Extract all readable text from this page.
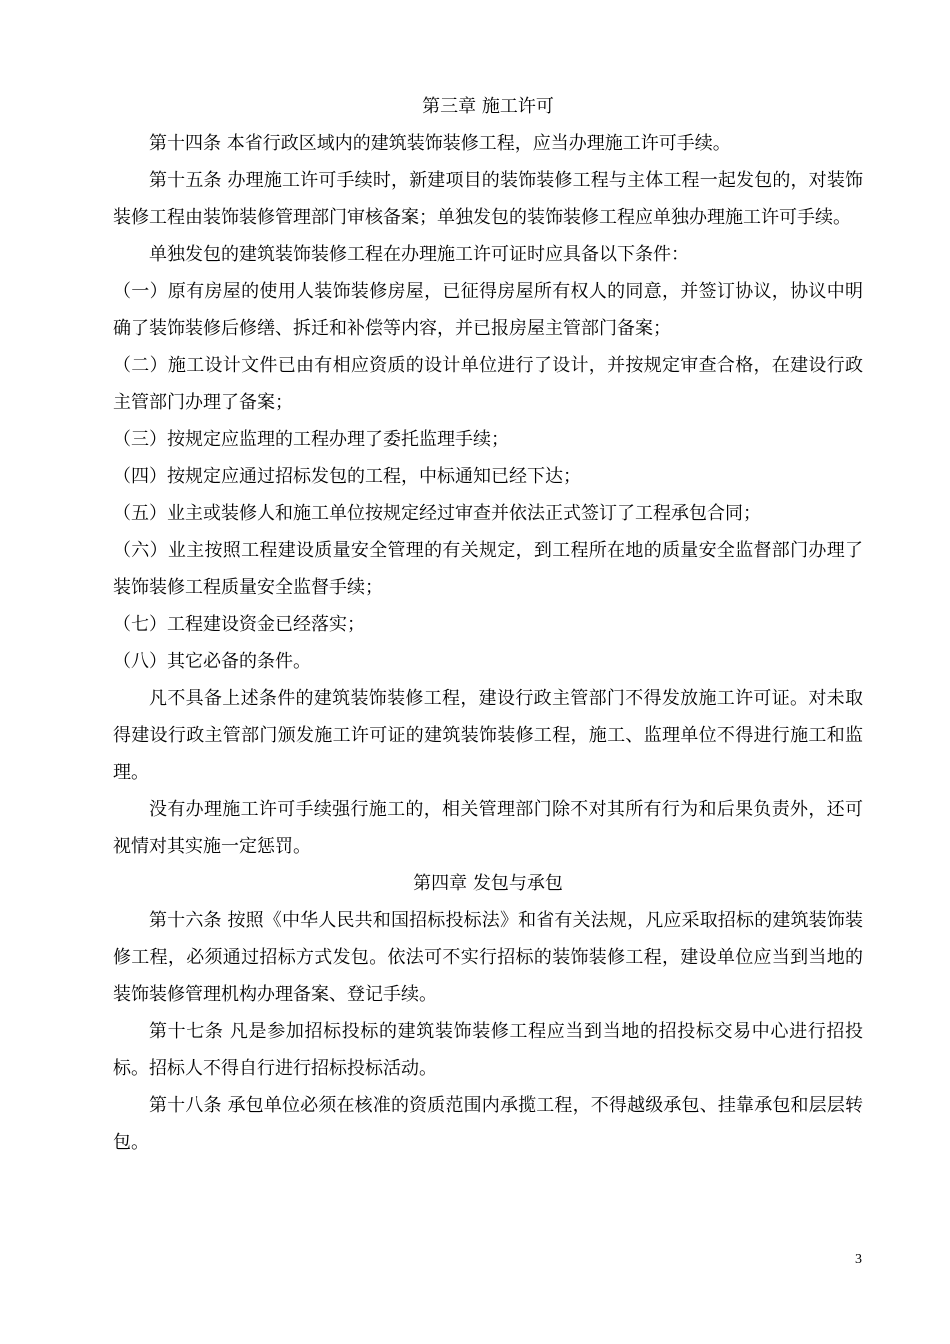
第三章 施工许可

第十四条 本省行政区域内的建筑装饰装修工程，应当办理施工许可手续。

第十五条 办理施工许可手续时，新建项目的装饰装修工程与主体工程一起发包的，对装饰装修工程由装饰装修管理部门审核备案；单独发包的装饰装修工程应单独办理施工许可手续。

单独发包的建筑装饰装修工程在办理施工许可证时应具备以下条件：

（一）原有房屋的使用人装饰装修房屋，已征得房屋所有权人的同意，并签订协议，协议中明确了装饰装修后修缮、拆迁和补偿等内容，并已报房屋主管部门备案；

（二）施工设计文件已由有相应资质的设计单位进行了设计，并按规定审查合格，在建设行政主管部门办理了备案；

（三）按规定应监理的工程办理了委托监理手续；

（四）按规定应通过招标发包的工程，中标通知已经下达；

（五）业主或装修人和施工单位按规定经过审查并依法正式签订了工程承包合同；

（六）业主按照工程建设质量安全管理的有关规定，到工程所在地的质量安全监督部门办理了装饰装修工程质量安全监督手续；

（七）工程建设资金已经落实；

（八）其它必备的条件。

凡不具备上述条件的建筑装饰装修工程，建设行政主管部门不得发放施工许可证。对未取得建设行政主管部门颁发施工许可证的建筑装饰装修工程，施工、监理单位不得进行施工和监理。

没有办理施工许可手续强行施工的，相关管理部门除不对其所有行为和后果负责外，还可视情对其实施一定惩罚。

第四章 发包与承包

第十六条 按照《中华人民共和国招标投标法》和省有关法规，凡应采取招标的建筑装饰装修工程，必须通过招标方式发包。依法可不实行招标的装饰装修工程，建设单位应当到当地的装饰装修管理机构办理备案、登记手续。

第十七条 凡是参加招标投标的建筑装饰装修工程应当到当地的招投标交易中心进行招投标。招标人不得自行进行招标投标活动。

第十八条 承包单位必须在核准的资质范围内承揽工程，不得越级承包、挂靠承包和层层转包。

3
